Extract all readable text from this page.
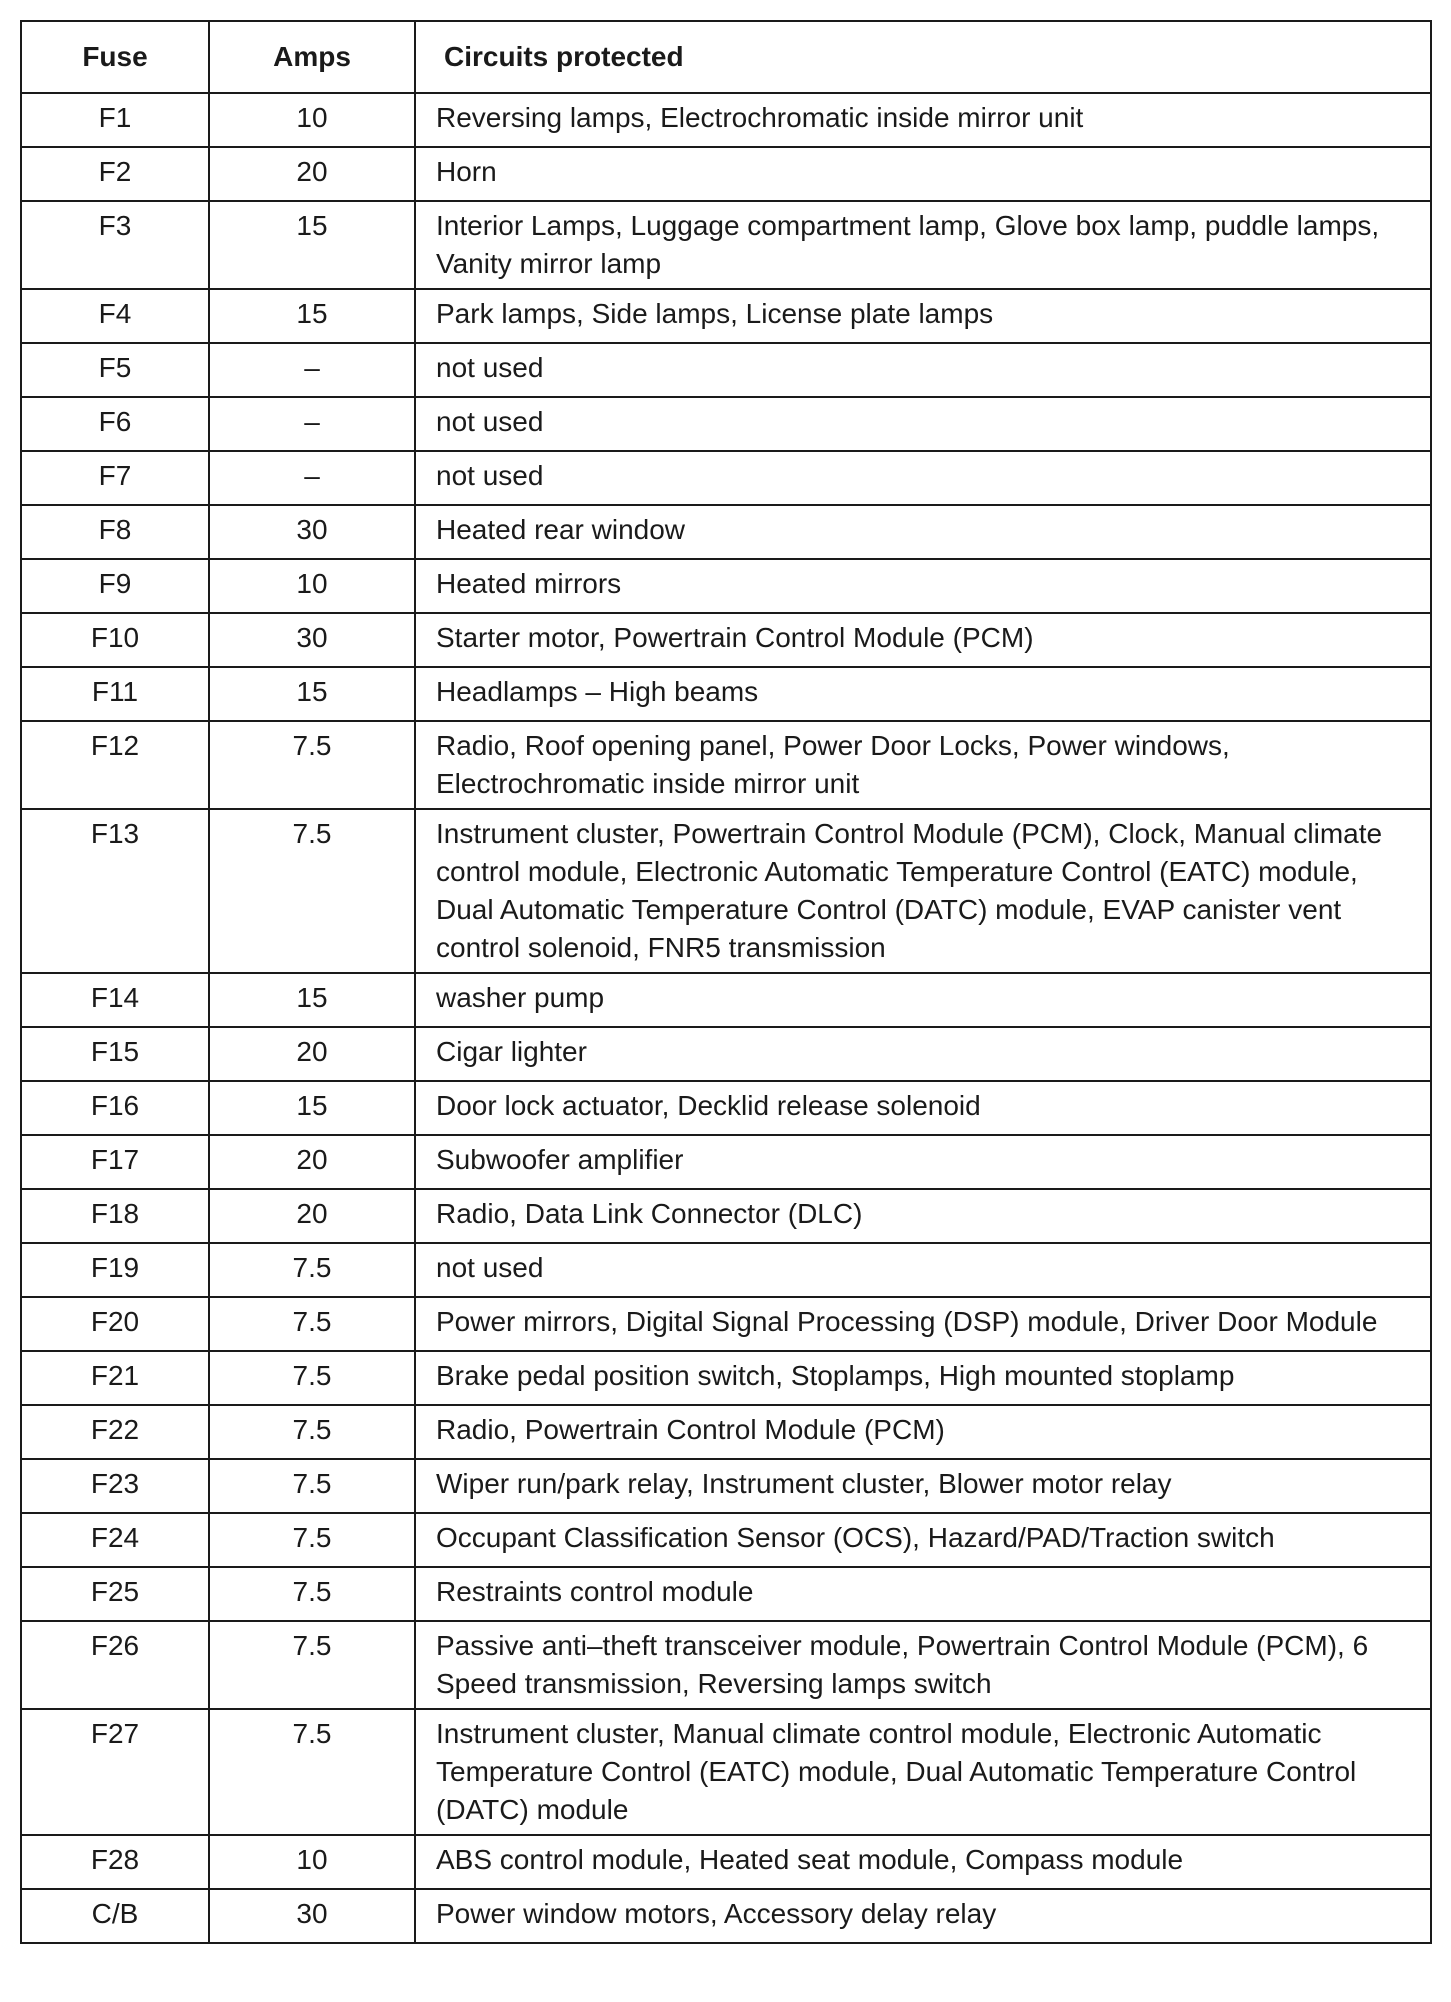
Fuse	Amps	Circuits protected
F1	10	Reversing lamps, Electrochromatic inside mirror unit
F2	20	Horn
F3	15	Interior Lamps, Luggage compartment lamp, Glove box lamp, puddle lamps, Vanity mirror lamp
F4	15	Park lamps, Side lamps, License plate lamps
F5	–	not used
F6	–	not used
F7	–	not used
F8	30	Heated rear window
F9	10	Heated mirrors
F10	30	Starter motor, Powertrain Control Module (PCM)
F11	15	Headlamps – High beams
F12	7.5	Radio, Roof opening panel, Power Door Locks, Power windows, Electrochromatic inside mirror unit
F13	7.5	Instrument cluster, Powertrain Control Module (PCM), Clock, Manual climate control module, Electronic Automatic Temperature Control (EATC) module, Dual Automatic Temperature Control (DATC) module, EVAP canister vent control solenoid, FNR5 transmission
F14	15	washer pump
F15	20	Cigar lighter
F16	15	Door lock actuator, Decklid release solenoid
F17	20	Subwoofer amplifier
F18	20	Radio, Data Link Connector (DLC)
F19	7.5	not used
F20	7.5	Power mirrors, Digital Signal Processing (DSP) module, Driver Door Module
F21	7.5	Brake pedal position switch, Stoplamps, High mounted stoplamp
F22	7.5	Radio, Powertrain Control Module (PCM)
F23	7.5	Wiper run/park relay, Instrument cluster, Blower motor relay
F24	7.5	Occupant Classification Sensor (OCS), Hazard/PAD/Traction switch
F25	7.5	Restraints control module
F26	7.5	Passive anti–theft transceiver module, Powertrain Control Module (PCM), 6 Speed transmission, Reversing lamps switch
F27	7.5	Instrument cluster, Manual climate control module, Electronic Automatic Temperature Control (EATC) module, Dual Automatic Temperature Control (DATC) module
F28	10	ABS control module, Heated seat module, Compass module
C/B	30	Power window motors, Accessory delay relay
